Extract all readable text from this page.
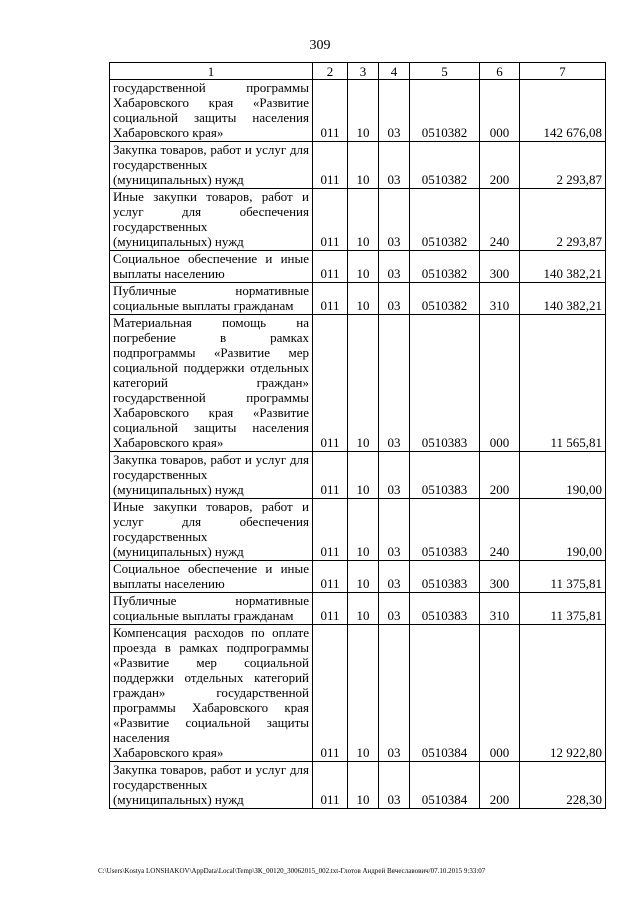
309
1	2	3	4	5	6	7
государственной программы Хабаровского края «Развитие социальной защиты населения
Хабаровского края»	011	10	03	0510382	000	142 676,08
Закупка товаров, работ и услуг для государственных
(муниципальных) нужд	011	10	03	0510382	200	2 293,87
Иные закупки товаров, работ и услуг для обеспечения государственных
(муниципальных) нужд	011	10	03	0510382	240	2 293,87
Социальное обеспечение и иные
выплаты населению	011	10	03	0510382	300	140 382,21
Публичные нормативные
социальные выплаты гражданам	011	10	03	0510382	310	140 382,21
Материальная помощь на погребение в рамках подпрограммы «Развитие мер социальной поддержки отдельных категорий граждан» государственной программы Хабаровского края «Развитие социальной защиты населения
Хабаровского края»	011	10	03	0510383	000	11 565,81
Закупка товаров, работ и услуг для государственных
(муниципальных) нужд	011	10	03	0510383	200	190,00
Иные закупки товаров, работ и услуг для обеспечения государственных
(муниципальных) нужд	011	10	03	0510383	240	190,00
Социальное обеспечение и иные
выплаты населению	011	10	03	0510383	300	11 375,81
Публичные нормативные
социальные выплаты гражданам	011	10	03	0510383	310	11 375,81
Компенсация расходов по оплате проезда в рамках подпрограммы «Развитие мер социальной поддержки отдельных категорий граждан» государственной программы Хабаровского края «Развитие социальной защиты населения
Хабаровского края»	011	10	03	0510384	000	12 922,80
Закупка товаров, работ и услуг для государственных
(муниципальных) нужд	011	10	03	0510384	200	228,30
C:\Users\Kostya LONSHAKOV\AppData\Local\Temp\ЗК_00120_30062015_002.txt-Глотов Андрей Вячеславович/07.10.2015 9:33:07
